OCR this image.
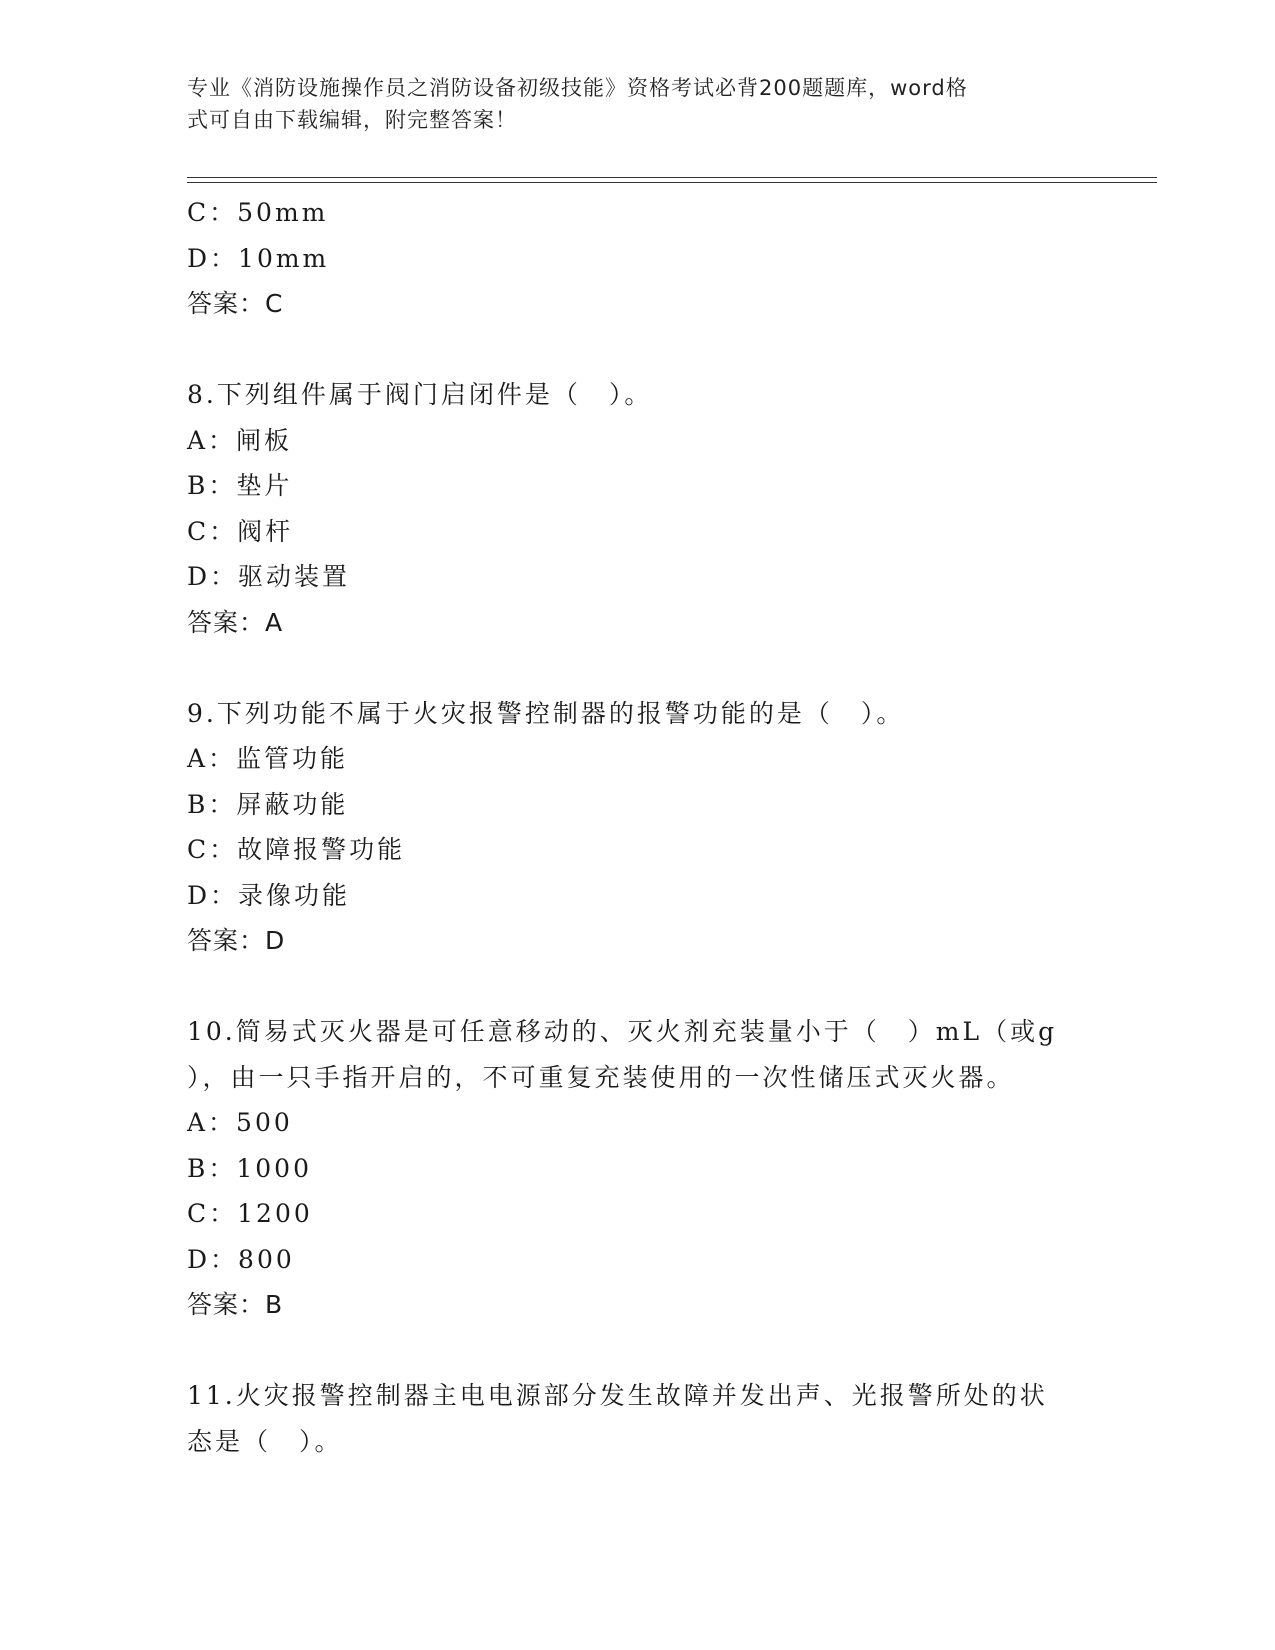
专业《消防设施操作员之消防设备初级技能》资格考试必背200题题库，word格
式可自由下载编辑，附完整答案！
C：50mm
D：10mm
答案：C
8.下列组件属于阀门启闭件是（　）。
A：闸板
B：垫片
C：阀杆
D：驱动装置
答案：A
9.下列功能不属于火灾报警控制器的报警功能的是（　）。
A：监管功能
B：屏蔽功能
C：故障报警功能
D：录像功能
答案：D
10.简易式灭火器是可任意移动的、灭火剂充装量小于（　）mL（或g
），由一只手指开启的，不可重复充装使用的一次性储压式灭火器。
A：500
B：1000
C：1200
D：800
答案：B
11.火灾报警控制器主电电源部分发生故障并发出声、光报警所处的状
态是（　）。
